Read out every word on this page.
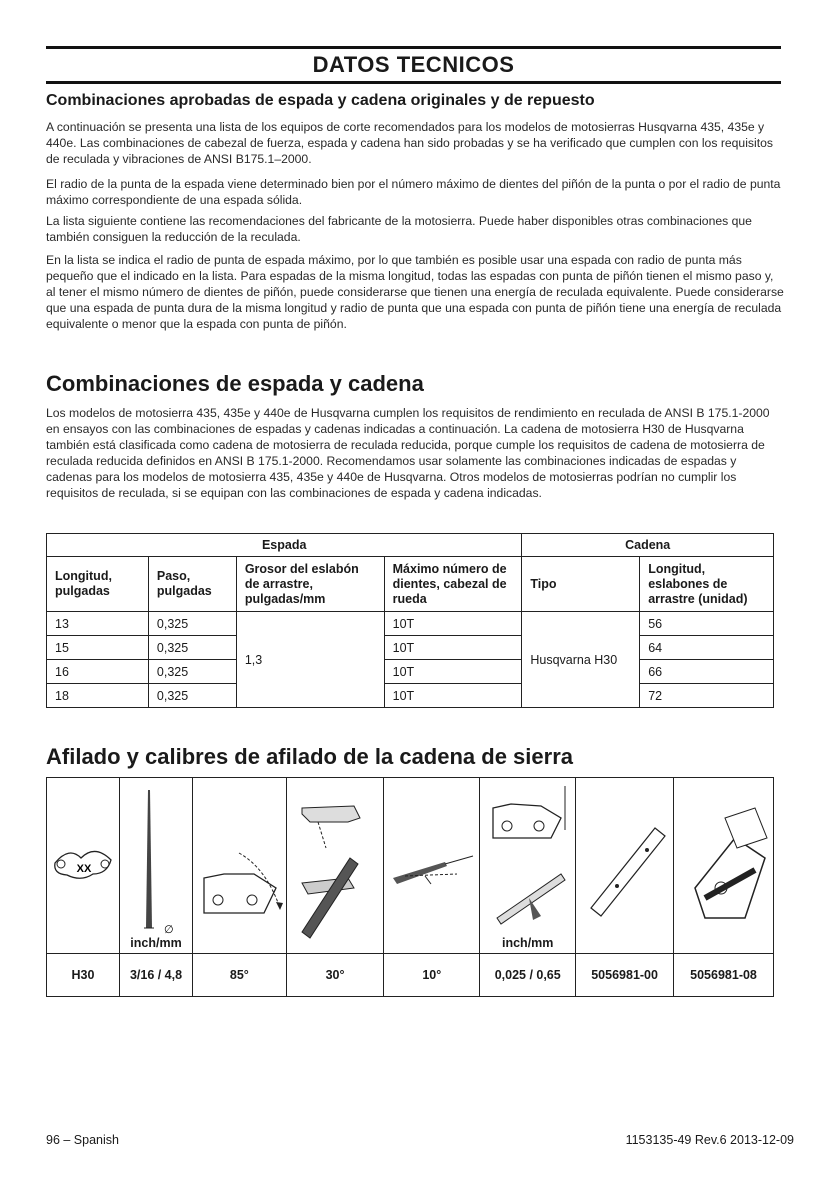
DATOS TECNICOS
Combinaciones aprobadas de espada y cadena originales y de repuesto

A continuación se presenta una lista de los equipos de corte recomendados para los modelos de motosierras Husqvarna 435, 435e y 440e. Las combinaciones de cabezal de fuerza, espada y cadena han sido probadas y se ha verificado que cumplen con los requisitos de reculada y vibraciones de ANSI B175.1–2000.

El radio de la punta de la espada viene determinado bien por el número máximo de dientes del piñón de la punta o por el radio de punta máximo correspondiente de una espada sólida.

La lista siguiente contiene las recomendaciones del fabricante de la motosierra. Puede haber disponibles otras combinaciones que también consiguen la reducción de la reculada.

En la lista se indica el radio de punta de espada máximo, por lo que también es posible usar una espada con radio de punta más pequeño que el indicado en la lista. Para espadas de la misma longitud, todas las espadas con punta de piñón tienen el mismo paso y, al tener el mismo número de dientes de piñón, puede considerarse que tienen una energía de reculada equivalente. Puede considerarse que una espada de punta dura de la misma longitud y radio de punta que una espada con punta de piñón tiene una energía de reculada equivalente o menor que la espada con punta de piñón.

Combinaciones de espada y cadena

Los modelos de motosierra 435, 435e y 440e de Husqvarna cumplen los requisitos de rendimiento en reculada de ANSI B 175.1-2000 en ensayos con las combinaciones de espadas y cadenas indicadas a continuación. La cadena de motosierra H30 de Husqvarna también está clasificada como cadena de motosierra de reculada reducida, porque cumple los requisitos de cadena de motosierra de reculada reducida definidos en ANSI B 175.1-2000. Recomendamos usar solamente las combinaciones indicadas de espadas y cadenas para los modelos de motosierra 435, 435e y 440e de Husqvarna. Otros modelos de motosierras podrían no cumplir los requisitos de reculada, si se equipan con las combinaciones de espada y cadena indicadas.

Espada				Cadena	
Longitud, pulgadas	Paso, pulgadas	Grosor del eslabón de arrastre, pulgadas/mm	Máximo número de dientes, cabezal de rueda	Tipo	Longitud, eslabones de arrastre (unidad)
13	0,325	1,3	10T	Husqvarna H30	56
15	0,325		10T		64
16	0,325		10T		66
18	0,325		10T		72
Afilado y calibres de afilado de la cadena de sierra
XX	∅
inch/mm				inch/mm

H30	3/16 / 4,8	85°	30°	10°	0,025 / 0,65	5056981-00	5056981-08
96 – Spanish	1153135-49 Rev.6 2013-12-09
